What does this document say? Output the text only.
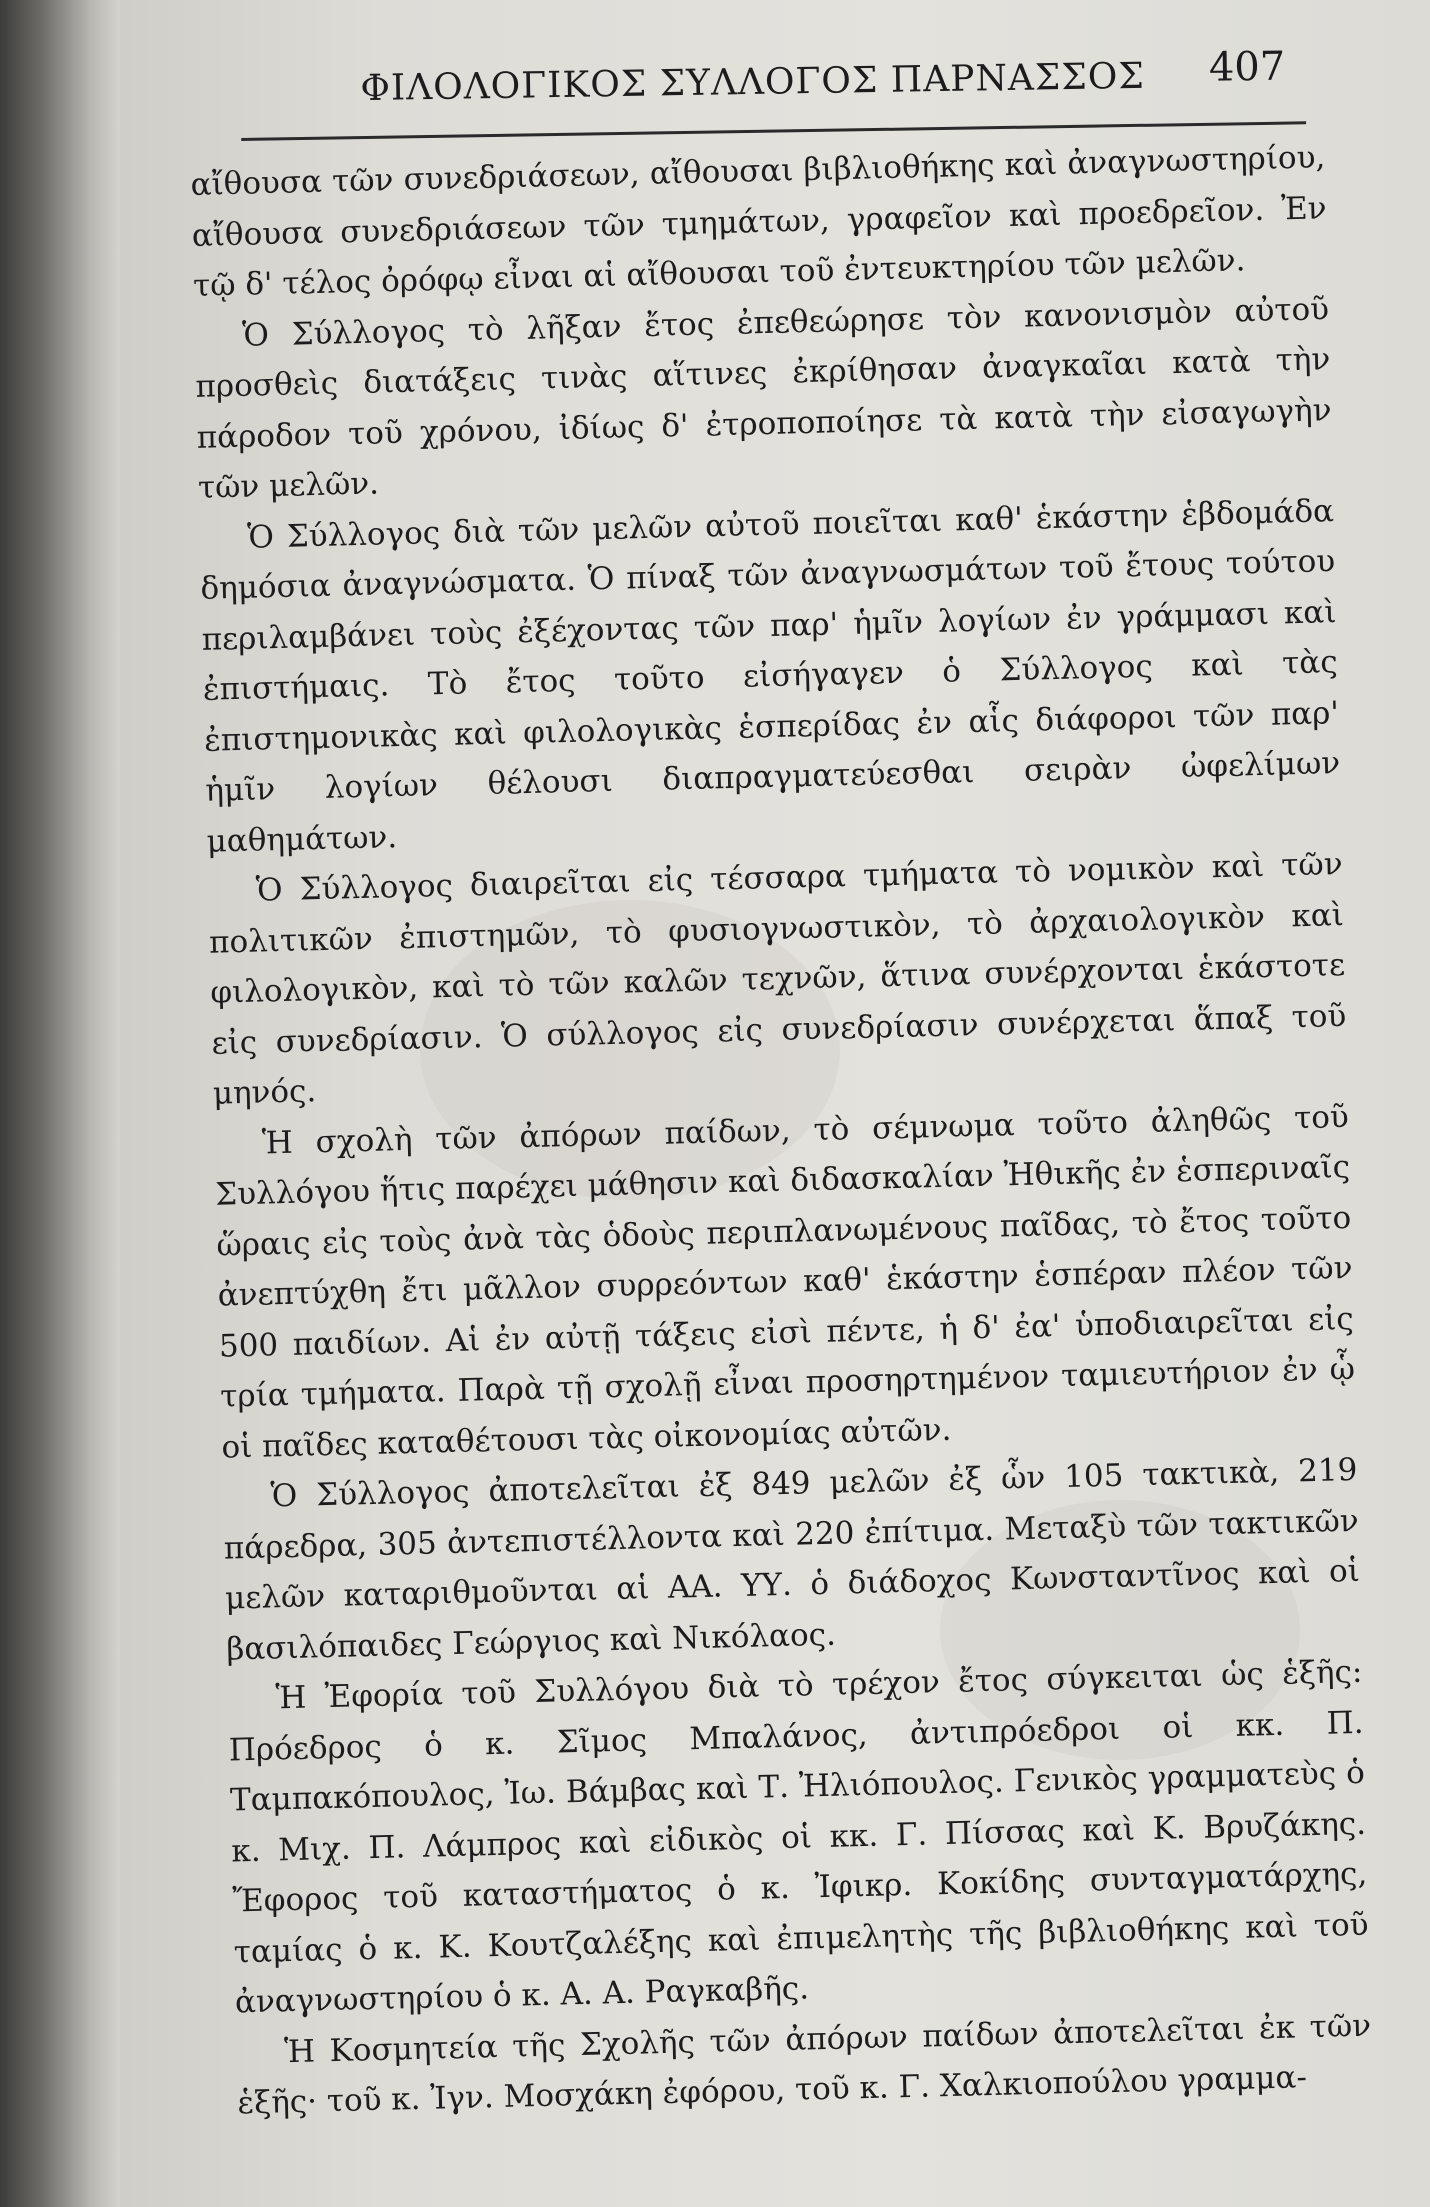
ΦΙΛΟΛΟΓΙΚΟΣ ΣΥΛΛΟΓΟΣ ΠΑΡΝΑΣΣΟΣ 407

αἴθουσα τῶν συνεδριάσεων, αἴθουσαι βιβλιοθήκης καὶ ἀναγνωστηρίου, αἴθουσα συνεδριάσεων τῶν τμημάτων, γραφεῖον καὶ προεδρεῖον. Ἐν τῷ δ' τέλος ὀρόφῳ εἶναι αἱ αἴθουσαι τοῦ ἐντευκτηρίου τῶν μελῶν.

Ὁ Σύλλογος τὸ λῆξαν ἔτος ἐπεθεώρησε τὸν κανονισμὸν αὐτοῦ προσθεὶς διατάξεις τινὰς αἵτινες ἐκρίθησαν ἀναγκαῖαι κατὰ τὴν πάροδον τοῦ χρόνου, ἰδίως δ' ἐτροποποίησε τὰ κατὰ τὴν εἰσαγωγὴν τῶν μελῶν.

Ὁ Σύλλογος διὰ τῶν μελῶν αὐτοῦ ποιεῖται καθ' ἑκάστην ἑβδομάδα δημόσια ἀναγνώσματα. Ὁ πίναξ τῶν ἀναγνωσμάτων τοῦ ἔτους τούτου περιλαμβάνει τοὺς ἐξέχοντας τῶν παρ' ἡμῖν λογίων ἐν γράμμασι καὶ ἐπιστήμαις. Τὸ ἔτος τοῦτο εἰσήγαγεν ὁ Σύλλογος καὶ τὰς ἐπιστημονικὰς καὶ φιλολογικὰς ἑσπερίδας ἐν αἷς διάφοροι τῶν παρ' ἡμῖν λογίων θέλουσι διαπραγματεύεσθαι σειρὰν ὠφελίμων μαθημάτων.

Ὁ Σύλλογος διαιρεῖται εἰς τέσσαρα τμήματα τὸ νομικὸν καὶ τῶν πολιτικῶν ἐπιστημῶν, τὸ φυσιογνωστικὸν, τὸ ἀρχαιολογικὸν καὶ φιλολογικὸν, καὶ τὸ τῶν καλῶν τεχνῶν, ἅτινα συνέρχονται ἑκάστοτε εἰς συνεδρίασιν. Ὁ σύλλογος εἰς συνεδρίασιν συνέρχεται ἅπαξ τοῦ μηνός.

Ἡ σχολὴ τῶν ἀπόρων παίδων, τὸ σέμνωμα τοῦτο ἀληθῶς τοῦ Συλλόγου ἥτις παρέχει μάθησιν καὶ διδασκαλίαν Ἠθικῆς ἐν ἑσπεριναῖς ὥραις εἰς τοὺς ἀνὰ τὰς ὁδοὺς περιπλανωμένους παῖδας, τὸ ἔτος τοῦτο ἀνεπτύχθη ἔτι μᾶλλον συρρεόντων καθ' ἑκάστην ἑσπέραν πλέον τῶν 500 παιδίων. Αἱ ἐν αὐτῇ τάξεις εἰσὶ πέντε, ἡ δ' ἐα' ὑποδιαιρεῖται εἰς τρία τμήματα. Παρὰ τῇ σχολῇ εἶναι προσηρτημένον ταμιευτήριον ἐν ᾧ οἱ παῖδες καταθέτουσι τὰς οἰκονομίας αὐτῶν.

Ὁ Σύλλογος ἀποτελεῖται ἐξ 849 μελῶν ἐξ ὧν 105 τακτικὰ, 219 πάρεδρα, 305 ἀντεπιστέλλοντα καὶ 220 ἐπίτιμα. Μεταξὺ τῶν τακτικῶν μελῶν καταριθμοῦνται αἱ ΑΑ. ΥΥ. ὁ διάδοχος Κωνσταντῖνος καὶ οἱ βασιλόπαιδες Γεώργιος καὶ Νικόλαος.

Ἡ Ἐφορία τοῦ Συλλόγου διὰ τὸ τρέχον ἔτος σύγκειται ὡς ἑξῆς: Πρόεδρος ὁ κ. Σῖμος Μπαλάνος, ἀντιπρόεδροι οἱ κκ. Π. Ταμπακόπουλος, Ἰω. Βάμβας καὶ Τ. Ἠλιόπουλος. Γενικὸς γραμματεὺς ὁ κ. Μιχ. Π. Λάμπρος καὶ εἰδικὸς οἱ κκ. Γ. Πίσσας καὶ Κ. Βρυζάκης. Ἔφορος τοῦ καταστήματος ὁ κ. Ἰφικρ. Κοκίδης συνταγματάρχης, ταμίας ὁ κ. Κ. Κουτζαλέξης καὶ ἐπιμελητὴς τῆς βιβλιοθήκης καὶ τοῦ ἀναγνωστηρίου ὁ κ. Α. Α. Ραγκαβῆς.

Ἡ Κοσμητεία τῆς Σχολῆς τῶν ἀπόρων παίδων ἀποτελεῖται ἐκ τῶν ἑξῆς· τοῦ κ. Ἰγν. Μοσχάκη ἐφόρου, τοῦ κ. Γ. Χαλκιοπούλου γραμμα-
